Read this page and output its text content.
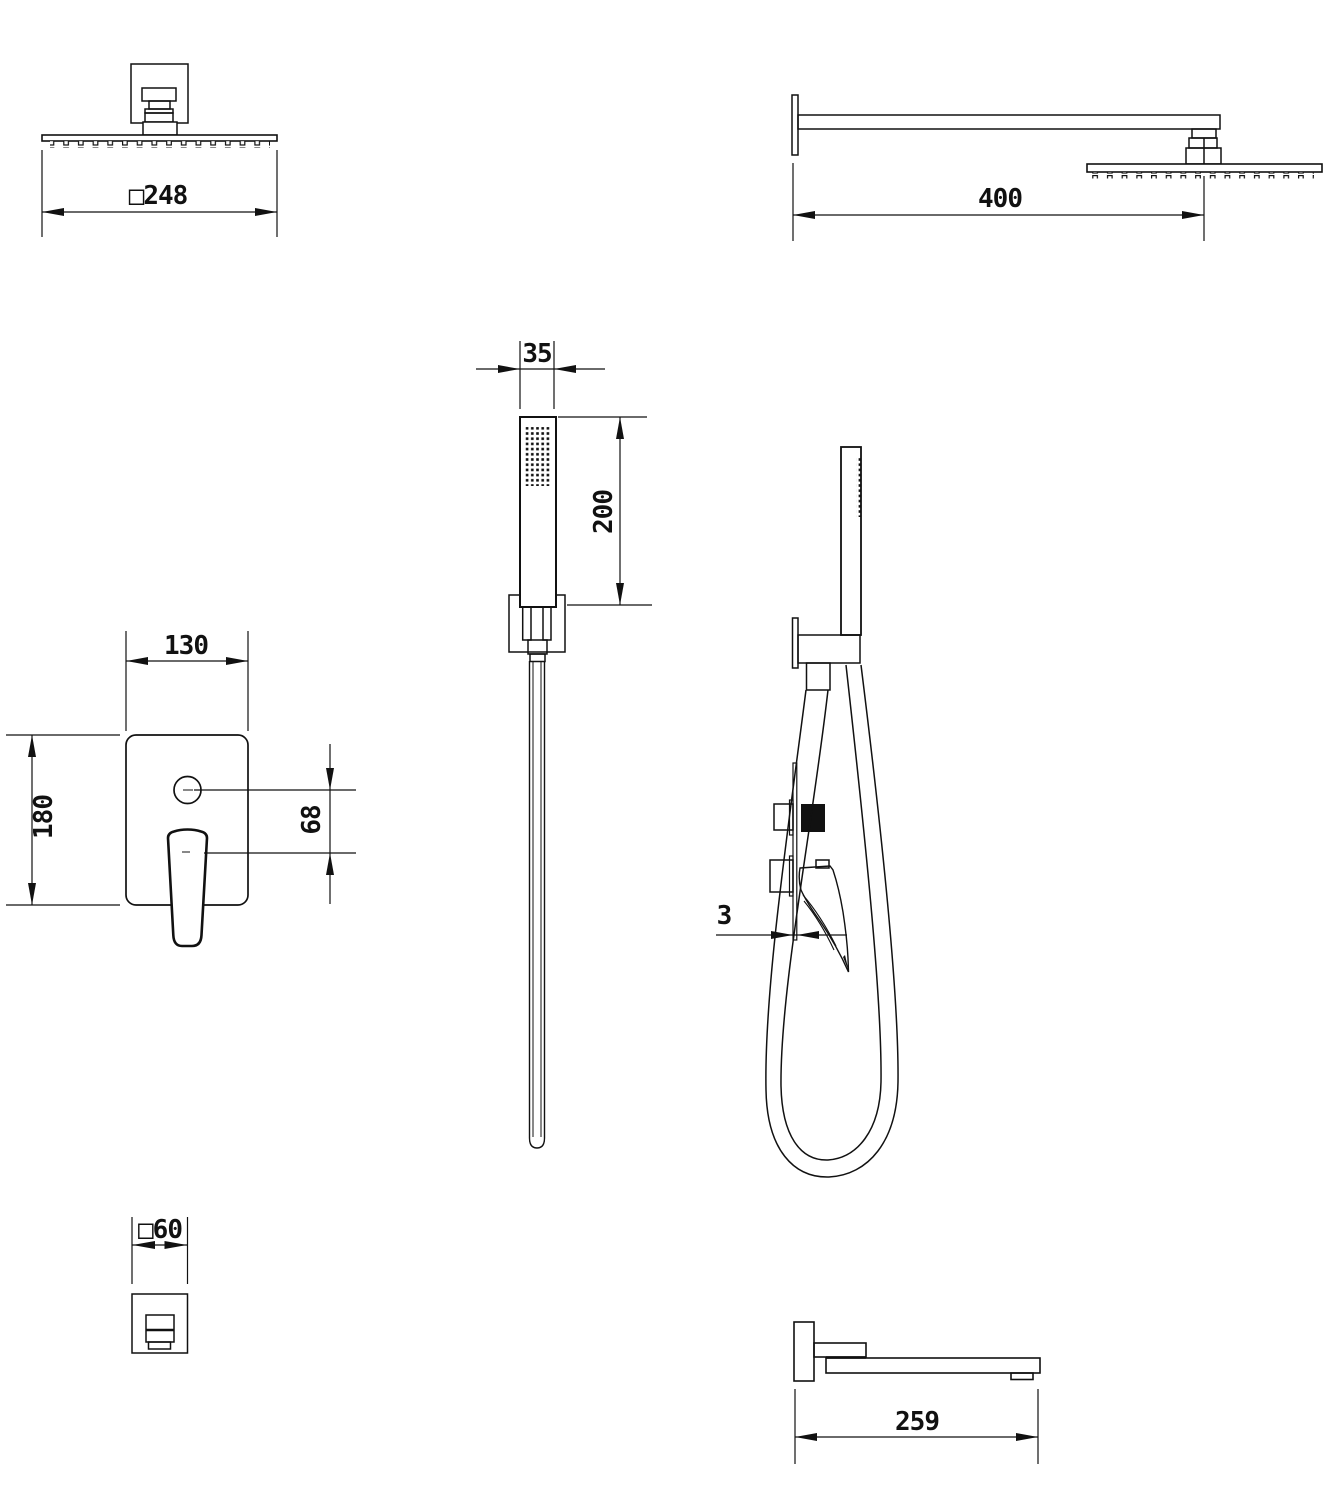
□248	400
35
200
130
180	68
3
□60
259
